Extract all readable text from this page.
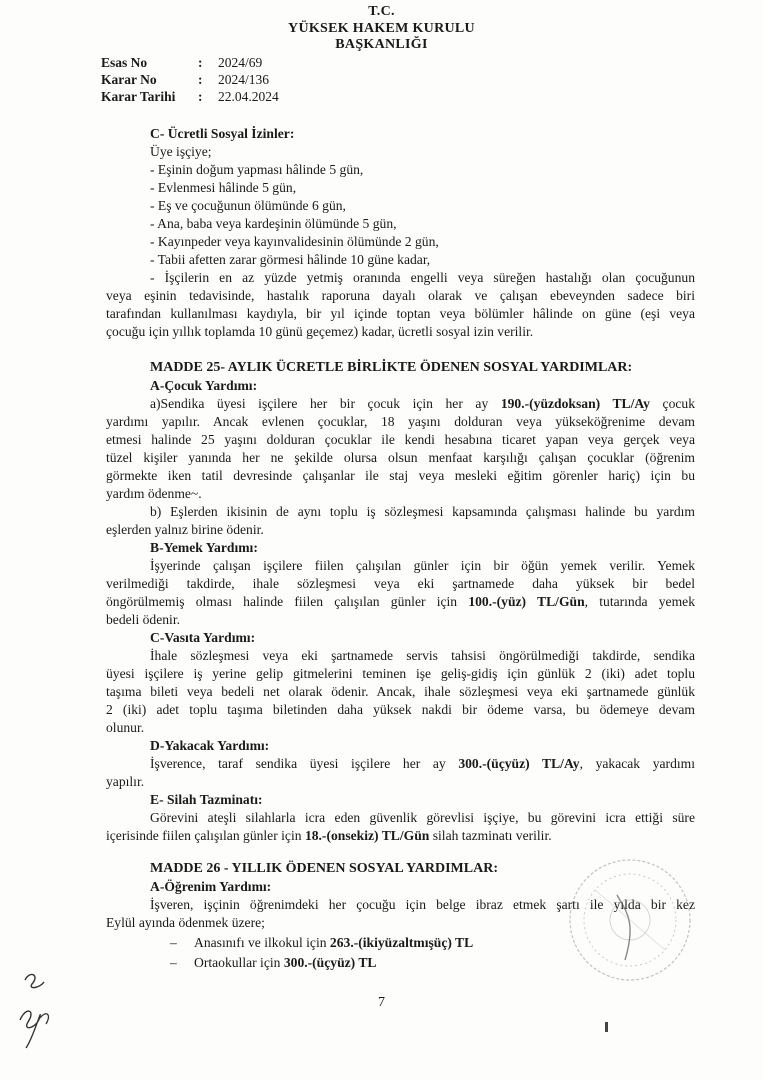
T.C.
YÜKSEK HAKEM KURULU
BAŞKANLIĞI
Esas No	: 2024/69
Karar No	: 2024/136
Karar Tarihi : 22.04.2024
C- Ücretli Sosyal İzinler:
Üye işçiye;
- Eşinin doğum yapması hâlinde 5 gün,
- Evlenmesi hâlinde 5 gün,
- Eş ve çocuğunun ölümünde 6 gün,
- Ana, baba veya kardeşinin ölümünde 5 gün,
- Kayınpeder veya kayınvalidesinin ölümünde 2 gün,
- Tabii afetten zarar görmesi hâlinde 10 güne kadar,
- İşçilerin en az yüzde yetmiş oranında engelli veya süreğen hastalığı olan çocuğunun
veya eşinin tedavisinde, hastalık raporuna dayalı olarak ve çalışan ebeveynden sadece biri
tarafından kullanılması kaydıyla, bir yıl içinde toptan veya bölümler hâlinde on güne (eşi veya
çocuğu için yıllık toplamda 10 günü geçemez) kadar, ücretli sosyal izin verilir.
MADDE 25- AYLIK ÜCRETLE BİRLİKTE ÖDENEN SOSYAL YARDIMLAR:
A-Çocuk Yardımı:
a)Sendika üyesi işçilere her bir çocuk için her ay 190.-(yüzdoksan) TL/Ay çocuk
yardımı yapılır. Ancak evlenen çocuklar, 18 yaşını dolduran veya yükseköğrenime devam
etmesi halinde 25 yaşını dolduran çocuklar ile kendi hesabına ticaret yapan veya gerçek veya
tüzel kişiler yanında her ne şekilde olursa olsun menfaat karşılığı çalışan çocuklar (öğrenim
görmekte iken tatil devresinde çalışanlar ile staj veya mesleki eğitim görenler hariç) için bu
yardım ödenme~.
b) Eşlerden ikisinin de aynı toplu iş sözleşmesi kapsamında çalışması halinde bu yardım
eşlerden yalnız birine ödenir.
B-Yemek Yardımı:
İşyerinde çalışan işçilere fiilen çalışılan günler için bir öğün yemek verilir. Yemek
verilmediği takdirde, ihale sözleşmesi veya eki şartnamede daha yüksek bir bedel
öngörülmemiş olması halinde fiilen çalışılan günler için 100.-(yüz) TL/Gün, tutarında yemek
bedeli ödenir.
C-Vasıta Yardımı:
İhale sözleşmesi veya eki şartnamede servis tahsisi öngörülmediği takdirde, sendika
üyesi işçilere iş yerine gelip gitmelerini teminen işe geliş-gidiş için günlük 2 (iki) adet toplu
taşıma bileti veya bedeli net olarak ödenir. Ancak, ihale sözleşmesi veya eki şartnamede günlük
2 (iki) adet toplu taşıma biletinden daha yüksek nakdi bir ödeme varsa, bu ödemeye devam
olunur.
D-Yakacak Yardımı:
İşverence, taraf sendika üyesi işçilere her ay 300.-(üçyüz) TL/Ay, yakacak yardımı
yapılır.
E- Silah Tazminatı:
Görevini ateşli silahlarla icra eden güvenlik görevlisi işçiye, bu görevini icra ettiği süre
içerisinde fiilen çalışılan günler için 18.-(onsekiz) TL/Gün silah tazminatı verilir.
MADDE 26 - YILLIK ÖDENEN SOSYAL YARDIMLAR:
A-Öğrenim Yardımı:
İşveren, işçinin öğrenimdeki her çocuğu için belge ibraz etmek şartı ile yılda bir kez
Eylül ayında ödenmek üzere;
– Anasınıfı ve ilkokul için 263.-(ikiyüzaltmışüç) TL
– Ortaokullar için 300.-(üçyüz) TL
7
